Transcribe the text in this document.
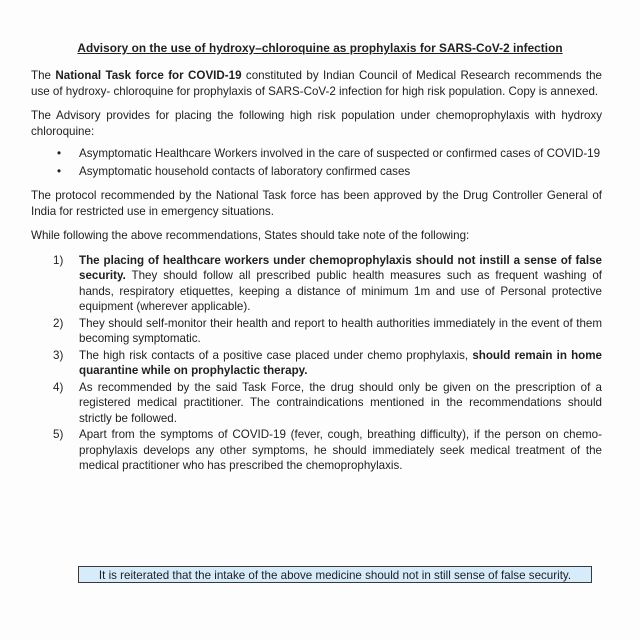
Advisory on the use of hydroxy–chloroquine as prophylaxis for SARS-CoV-2 infection

The National Task force for COVID-19 constituted by Indian Council of Medical Research recommends the use of hydroxy- chloroquine for prophylaxis of SARS-CoV-2 infection for high risk population. Copy is annexed.

The Advisory provides for placing the following high risk population under chemoprophylaxis with hydroxy chloroquine:

• Asymptomatic Healthcare Workers involved in the care of suspected or confirmed cases of COVID-19
• Asymptomatic household contacts of laboratory confirmed cases

The protocol recommended by the National Task force has been approved by the Drug Controller General of India for restricted use in emergency situations.

While following the above recommendations, States should take note of the following:

1) The placing of healthcare workers under chemoprophylaxis should not instill a sense of false security. They should follow all prescribed public health measures such as frequent washing of hands, respiratory etiquettes, keeping a distance of minimum 1m and use of Personal protective equipment (wherever applicable).
2) They should self-monitor their health and report to health authorities immediately in the event of them becoming symptomatic.
3) The high risk contacts of a positive case placed under chemo prophylaxis, should remain in home quarantine while on prophylactic therapy.
4) As recommended by the said Task Force, the drug should only be given on the prescription of a registered medical practitioner. The contraindications mentioned in the recommendations should strictly be followed.
5) Apart from the symptoms of COVID-19 (fever, cough, breathing difficulty), if the person on chemo-prophylaxis develops any other symptoms, he should immediately seek medical treatment of the medical practitioner who has prescribed the chemoprophylaxis.
It is reiterated that the intake of the above medicine should not in still sense of false security.
